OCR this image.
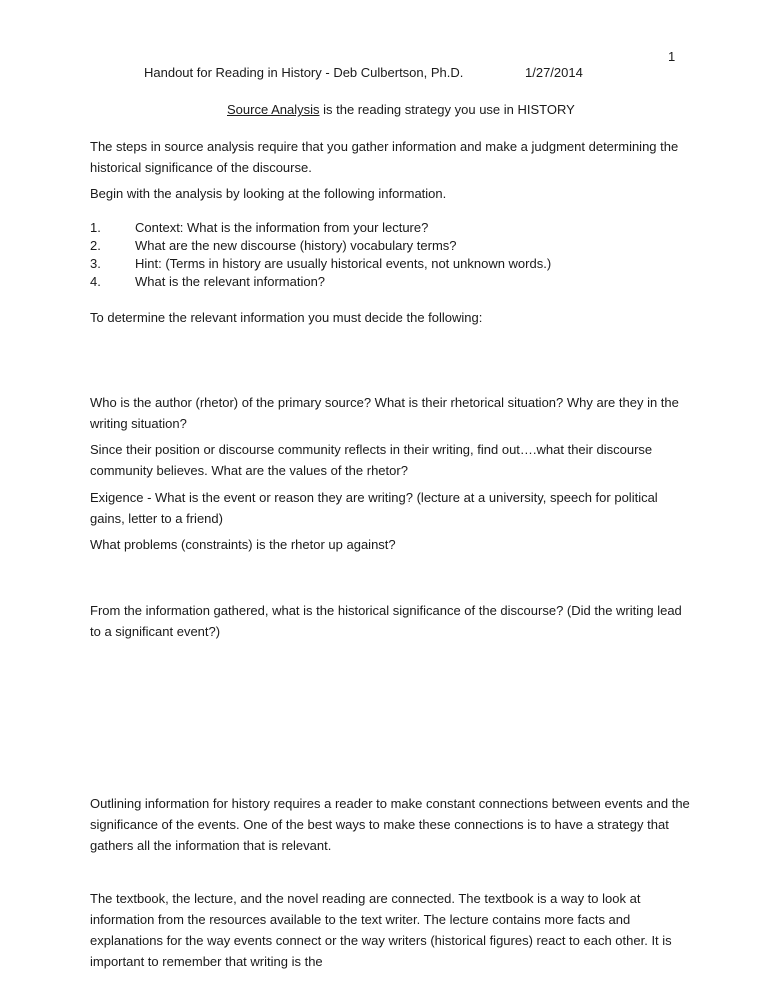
1
Handout for Reading in History - Deb Culbertson, Ph.D.	1/27/2014
Source Analysis is the reading strategy you use in HISTORY

The steps in source analysis require that you gather information and make a judgment determining the historical significance of the discourse.

Begin with the analysis by looking at the following information.

1.	Context: What is the information from your lecture?
2.	What are the new discourse (history) vocabulary terms?
3.	Hint: (Terms in history are usually historical events, not unknown words.)
4.	What is the relevant information?

To determine the relevant information you must decide the following:

Who is the author (rhetor) of the primary source? What is their rhetorical situation? Why are they in the writing situation?

Since their position or discourse community reflects in their writing, find out….what their discourse community believes. What are the values of the rhetor?

Exigence - What is the event or reason they are writing? (lecture at a university, speech for political gains, letter to a friend)

What problems (constraints) is the rhetor up against?

From the information gathered, what is the historical significance of the discourse? (Did the writing lead to a significant event?)

Outlining information for history requires a reader to make constant connections between events and the significance of the events. One of the best ways to make these connections is to have a strategy that gathers all the information that is relevant.

The textbook, the lecture, and the novel reading are connected. The textbook is a way to look at information from the resources available to the text writer. The lecture contains more facts and explanations for the way events connect or the way writers (historical figures) react to each other. It is important to remember that writing is the
